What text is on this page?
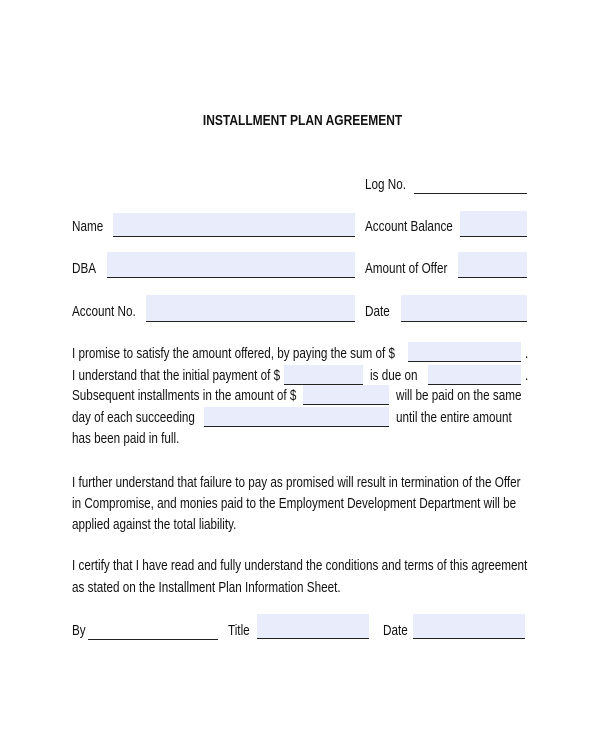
INSTALLMENT PLAN AGREEMENT
Log No.
Name	Account Balance
DBA	Amount of Offer
Account No.	Date
I promise to satisfy the amount offered, by paying the sum of $	.
I understand that the initial payment of $	is due on	.
Subsequent installments in the amount of $	will be paid on the same
day of each succeeding	until the entire amount
has been paid in full.
I further understand that failure to pay as promised will result in termination of the Offer
in Compromise, and monies paid to the Employment Development Department will be
applied against the total liability.
I certify that I have read and fully understand the conditions and terms of this agreement
as stated on the Installment Plan Information Sheet.
By	Title	Date
